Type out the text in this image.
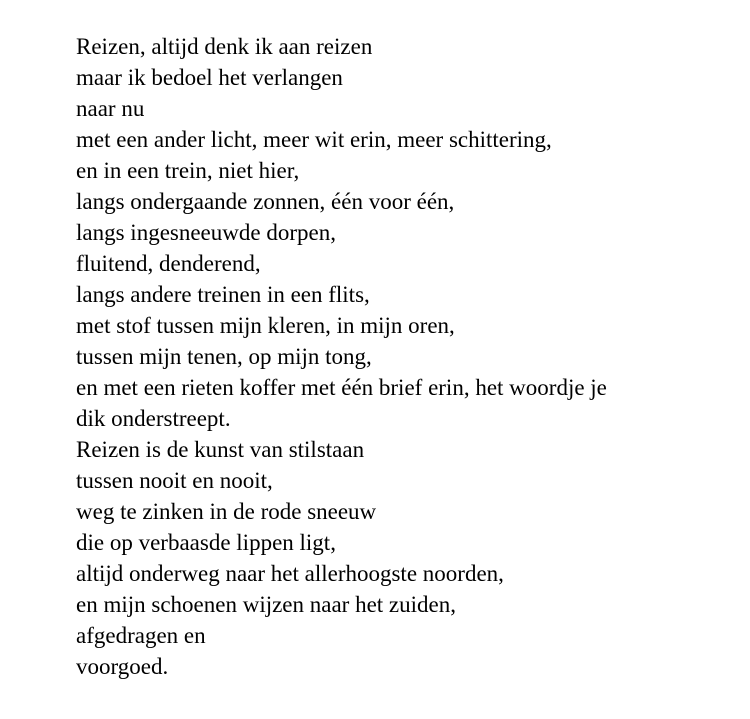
Reizen, altijd denk ik aan reizen
maar ik bedoel het verlangen
naar nu
met een ander licht, meer wit erin, meer schittering,
en in een trein, niet hier,
langs ondergaande zonnen, één voor één,
langs ingesneeuwde dorpen,
fluitend, denderend,
langs andere treinen in een flits,
met stof tussen mijn kleren, in mijn oren,
tussen mijn tenen, op mijn tong,
en met een rieten koffer met één brief erin, het woordje je
dik onderstreept.
Reizen is de kunst van stilstaan
tussen nooit en nooit,
weg te zinken in de rode sneeuw
die op verbaasde lippen ligt,
altijd onderweg naar het allerhoogste noorden,
en mijn schoenen wijzen naar het zuiden,
afgedragen en
voorgoed.
